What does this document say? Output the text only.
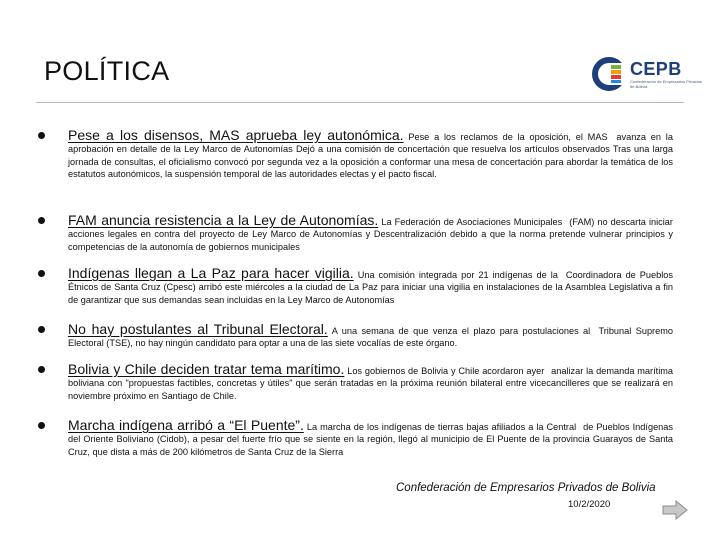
POLÍTICA	CEPB
Confederación de Empresarios Privados de Bolivia
Pese a los disensos, MAS aprueba ley autonómica. Pese a los reclamos de la oposición, el MAS avanza en la aprobación en detalle de la Ley Marco de Autonomías Dejó a una comisión de concertación que resuelva los artículos observados Tras una larga jornada de consultas, el oficialismo convocó por segunda vez a la oposición a conformar una mesa de concertación para abordar la temática de los estatutos autonómicos, la suspensión temporal de las autoridades electas y el pacto fiscal.
FAM anuncia resistencia a la Ley de Autonomías. La Federación de Asociaciones Municipales (FAM) no descarta iniciar acciones legales en contra del proyecto de Ley Marco de Autonomías y Descentralización debido a que la norma pretende vulnerar principios y competencias de la autonomía de gobiernos municipales
Indígenas llegan a La Paz para hacer vigilia. Una comisión integrada por 21 indígenas de la Coordinadora de Pueblos Étnicos de Santa Cruz (Cpesc) arribó este miércoles a la ciudad de La Paz para iniciar una vigilia en instalaciones de la Asamblea Legislativa a fin de garantizar que sus demandas sean incluidas en la Ley Marco de Autonomías
No hay postulantes al Tribunal Electoral. A una semana de que venza el plazo para postulaciones al Tribunal Supremo Electoral (TSE), no hay ningún candidato para optar a una de las siete vocalías de este órgano.
Bolivia y Chile deciden tratar tema marítimo. Los gobiernos de Bolivia y Chile acordaron ayer analizar la demanda marítima boliviana con "propuestas factibles, concretas y útiles" que serán tratadas en la próxima reunión bilateral entre vicecancilleres que se realizará en noviembre próximo en Santiago de Chile.
Marcha indígena arribó a “El Puente”. La marcha de los indígenas de tierras bajas afiliados a la Central de Pueblos Indígenas del Oriente Boliviano (Cidob), a pesar del fuerte frío que se siente en la región, llegó al municipio de El Puente de la provincia Guarayos de Santa Cruz, que dista a más de 200 kilómetros de Santa Cruz de la Sierra
Confederación de Empresarios Privados de Bolivia
10/2/2020
